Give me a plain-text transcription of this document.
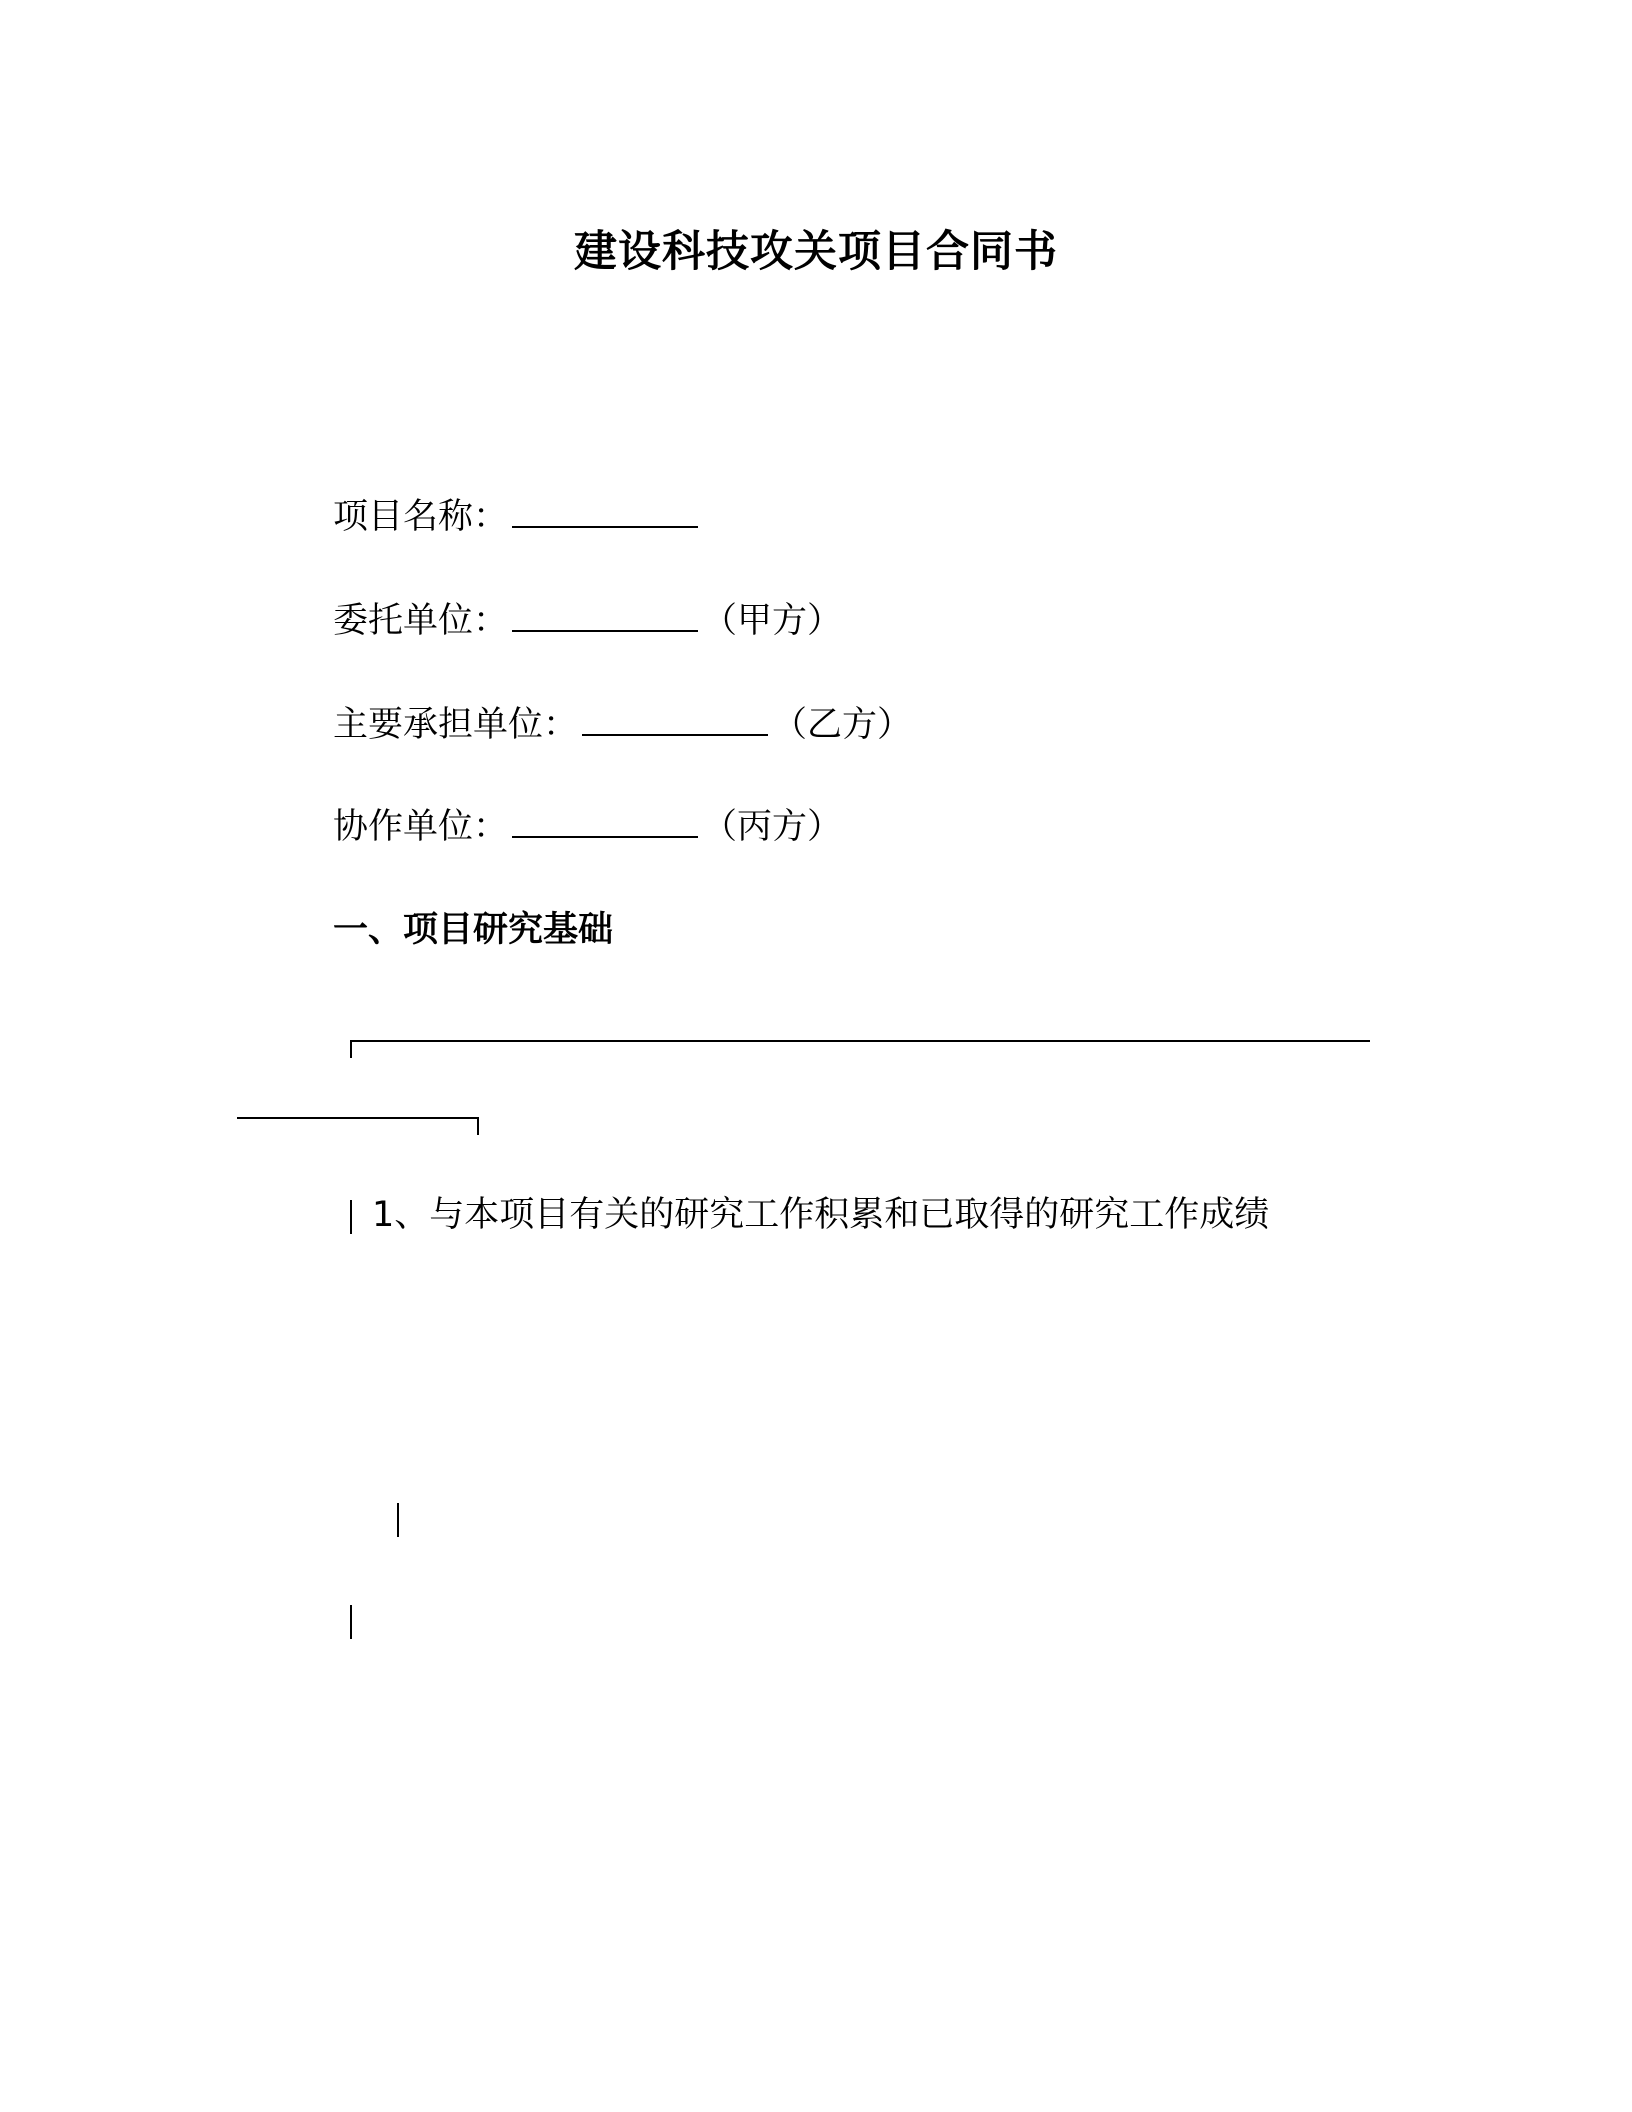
建设科技攻关项目合同书
项目名称：
委托单位：	（甲方）
主要承担单位：	（乙方）
协作单位：	（丙方）
一、项目研究基础
1、与本项目有关的研究工作积累和已取得的研究工作成绩
